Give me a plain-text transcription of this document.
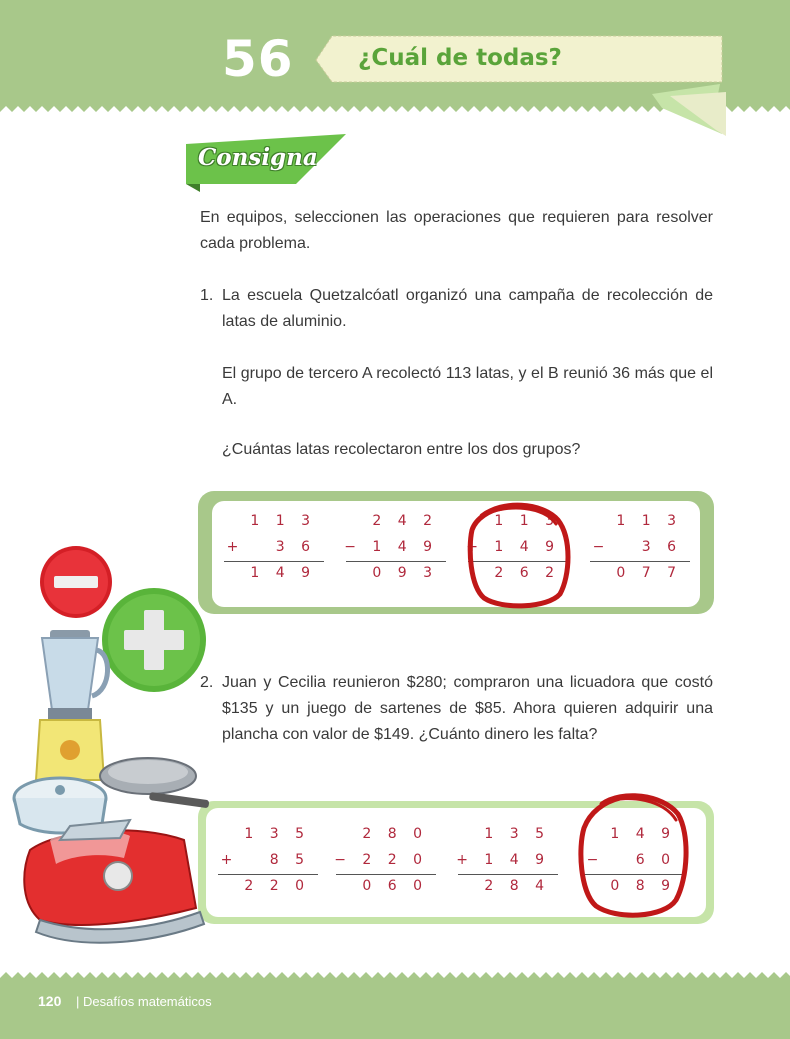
56	¿Cuál de todas?
Consigna
En equipos, seleccionen las operaciones que requieren para resolver cada problema.
1. La escuela Quetzalcóatl organizó una campaña de recolección de latas de aluminio.
El grupo de tercero A recolectó 113 latas, y el B reunió 36 más que el A.
¿Cuántas latas recolectaron entre los dos grupos?
1 1 3
+   3 6
1 4 9
2 4 2
− 1 4 9
0 9 3
1 1 3
+ 1 4 9
2 6 2
1 1 3
−   3 6
0 7 7
2. Juan y Cecilia reunieron $280; compraron una licuadora que costó $135 y un juego de sartenes de $85. Ahora quieren adquirir una plancha con valor de $149. ¿Cuánto dinero les falta?
1 3 5
+   8 5
2 2 0
2 8 0
− 2 2 0
0 6 0
1 3 5
+ 1 4 9
2 8 4
1 4 9
−   6 0
0 8 9
120 | Desafíos matemáticos
